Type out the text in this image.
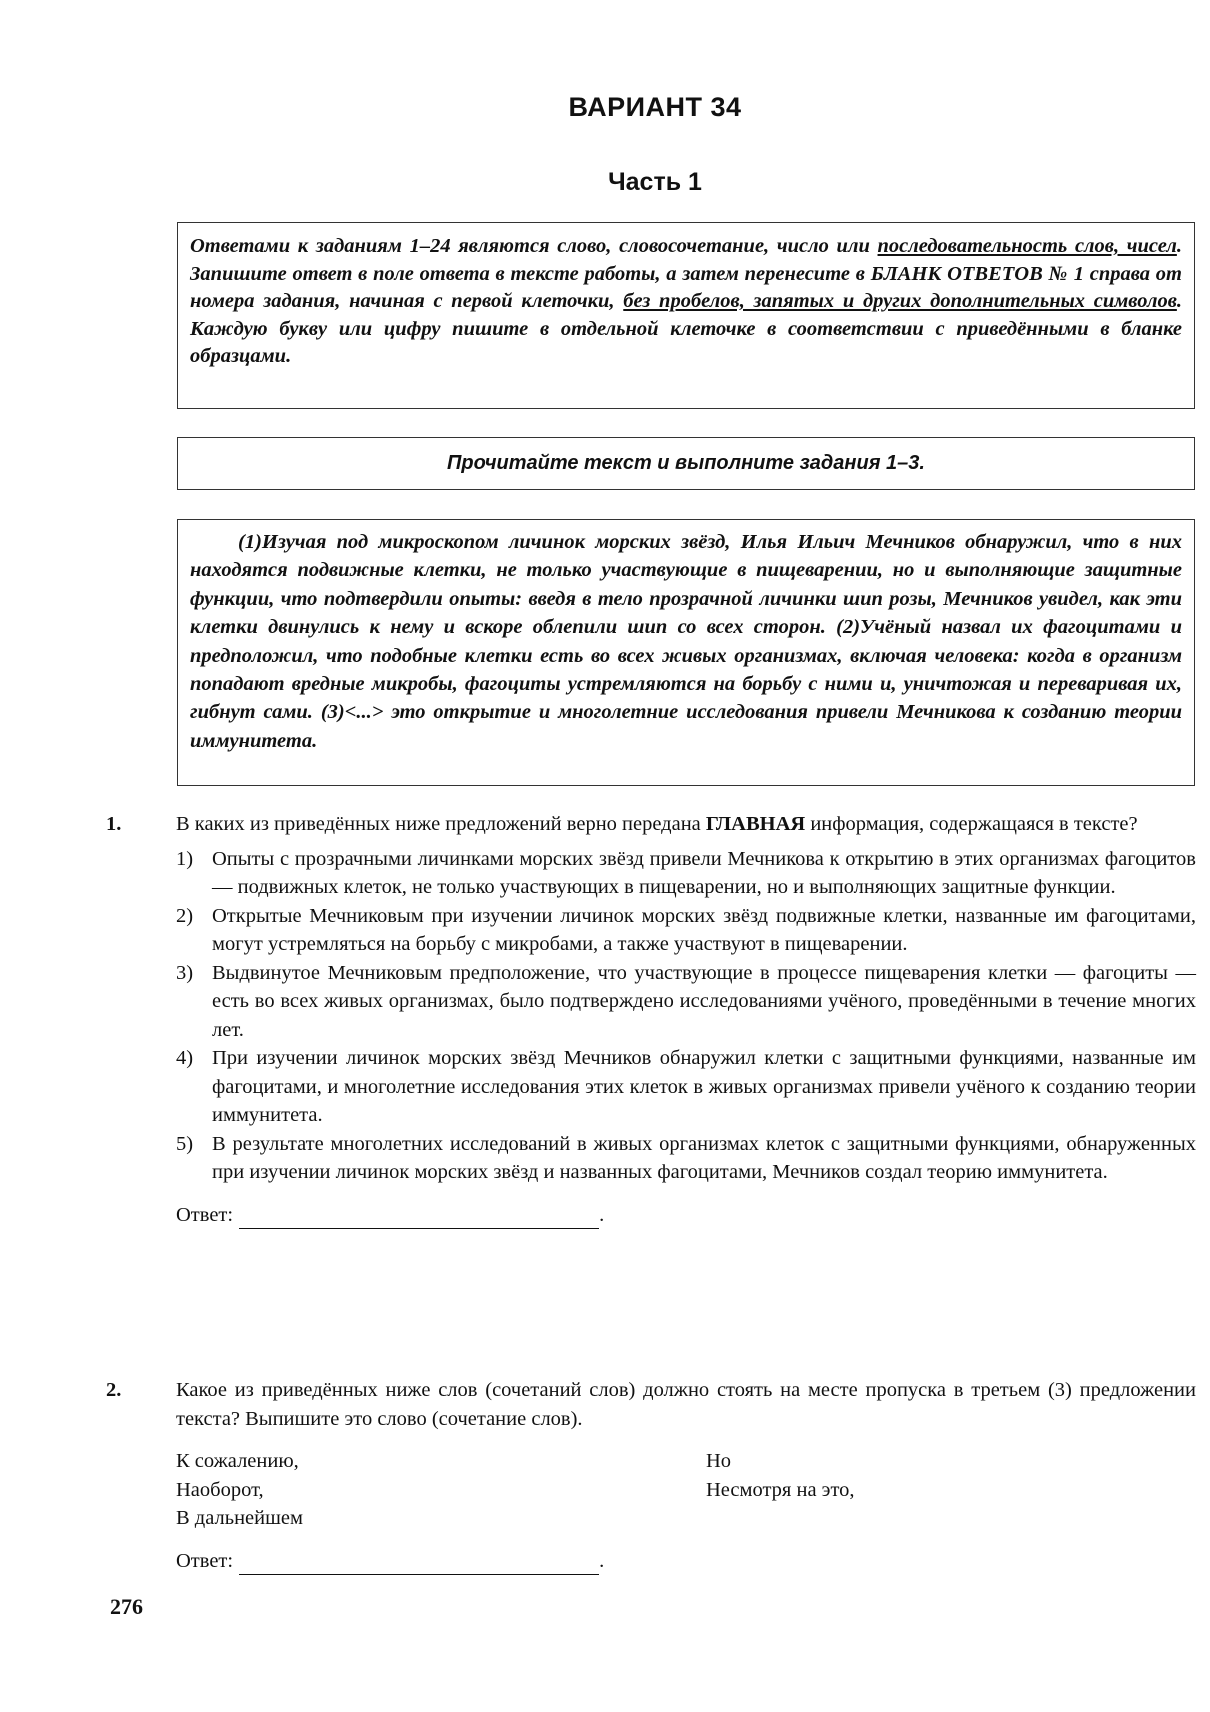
ВАРИАНТ 34
Часть 1
Ответами к заданиям 1–24 являются слово, словосочетание, число или последовательность слов, чисел. Запишите ответ в поле ответа в тексте работы, а затем перенесите в БЛАНК ОТВЕТОВ № 1 справа от номера задания, начиная с первой клеточки, без пробелов, запятых и других дополнительных символов. Каждую букву или цифру пишите в отдельной клеточке в соответствии с приведёнными в бланке образцами.
Прочитайте текст и выполните задания 1–3.

(1)Изучая под микроскопом личинок морских звёзд, Илья Ильич Мечников обнаружил, что в них находятся подвижные клетки, не только участвующие в пищеварении, но и выполняющие защитные функции, что подтвердили опыты: введя в тело прозрачной личинки шип розы, Мечников увидел, как эти клетки двинулись к нему и вскоре облепили шип со всех сторон. (2)Учёный назвал их фагоцитами и предположил, что подобные клетки есть во всех живых организмах, включая человека: когда в организм попадают вредные микробы, фагоциты устремляются на борьбу с ними и, уничтожая и переваривая их, гибнут сами. (3)<...> это открытие и многолетние исследования привели Мечникова к созданию теории иммунитета.

1.	В каких из приведённых ниже предложений верно передана ГЛАВНАЯ информация, содержащаяся в тексте?
1) Опыты с прозрачными личинками морских звёзд привели Мечникова к открытию в этих организмах фагоцитов — подвижных клеток, не только участвующих в пищеварении, но и выполняющих защитные функции.
2) Открытые Мечниковым при изучении личинок морских звёзд подвижные клетки, названные им фагоцитами, могут устремляться на борьбу с микробами, а также участвуют в пищеварении.
3) Выдвинутое Мечниковым предположение, что участвующие в процессе пищеварения клетки — фагоциты — есть во всех живых организмах, было подтверждено исследованиями учёного, проведёнными в течение многих лет.
4) При изучении личинок морских звёзд Мечников обнаружил клетки с защитными функциями, названные им фагоцитами, и многолетние исследования этих клеток в живых организмах привели учёного к созданию теории иммунитета.
5) В результате многолетних исследований в живых организмах клеток с защитными функциями, обнаруженных при изучении личинок морских звёзд и названных фагоцитами, Мечников создал теорию иммунитета.
Ответ:	.
2.	Какое из приведённых ниже слов (сочетаний слов) должно стоять на месте пропуска в третьем (3) предложении текста? Выпишите это слово (сочетание слов).
К сожалению,	Но
Наоборот,	Несмотря на это,
В дальнейшем
Ответ:	.
276
